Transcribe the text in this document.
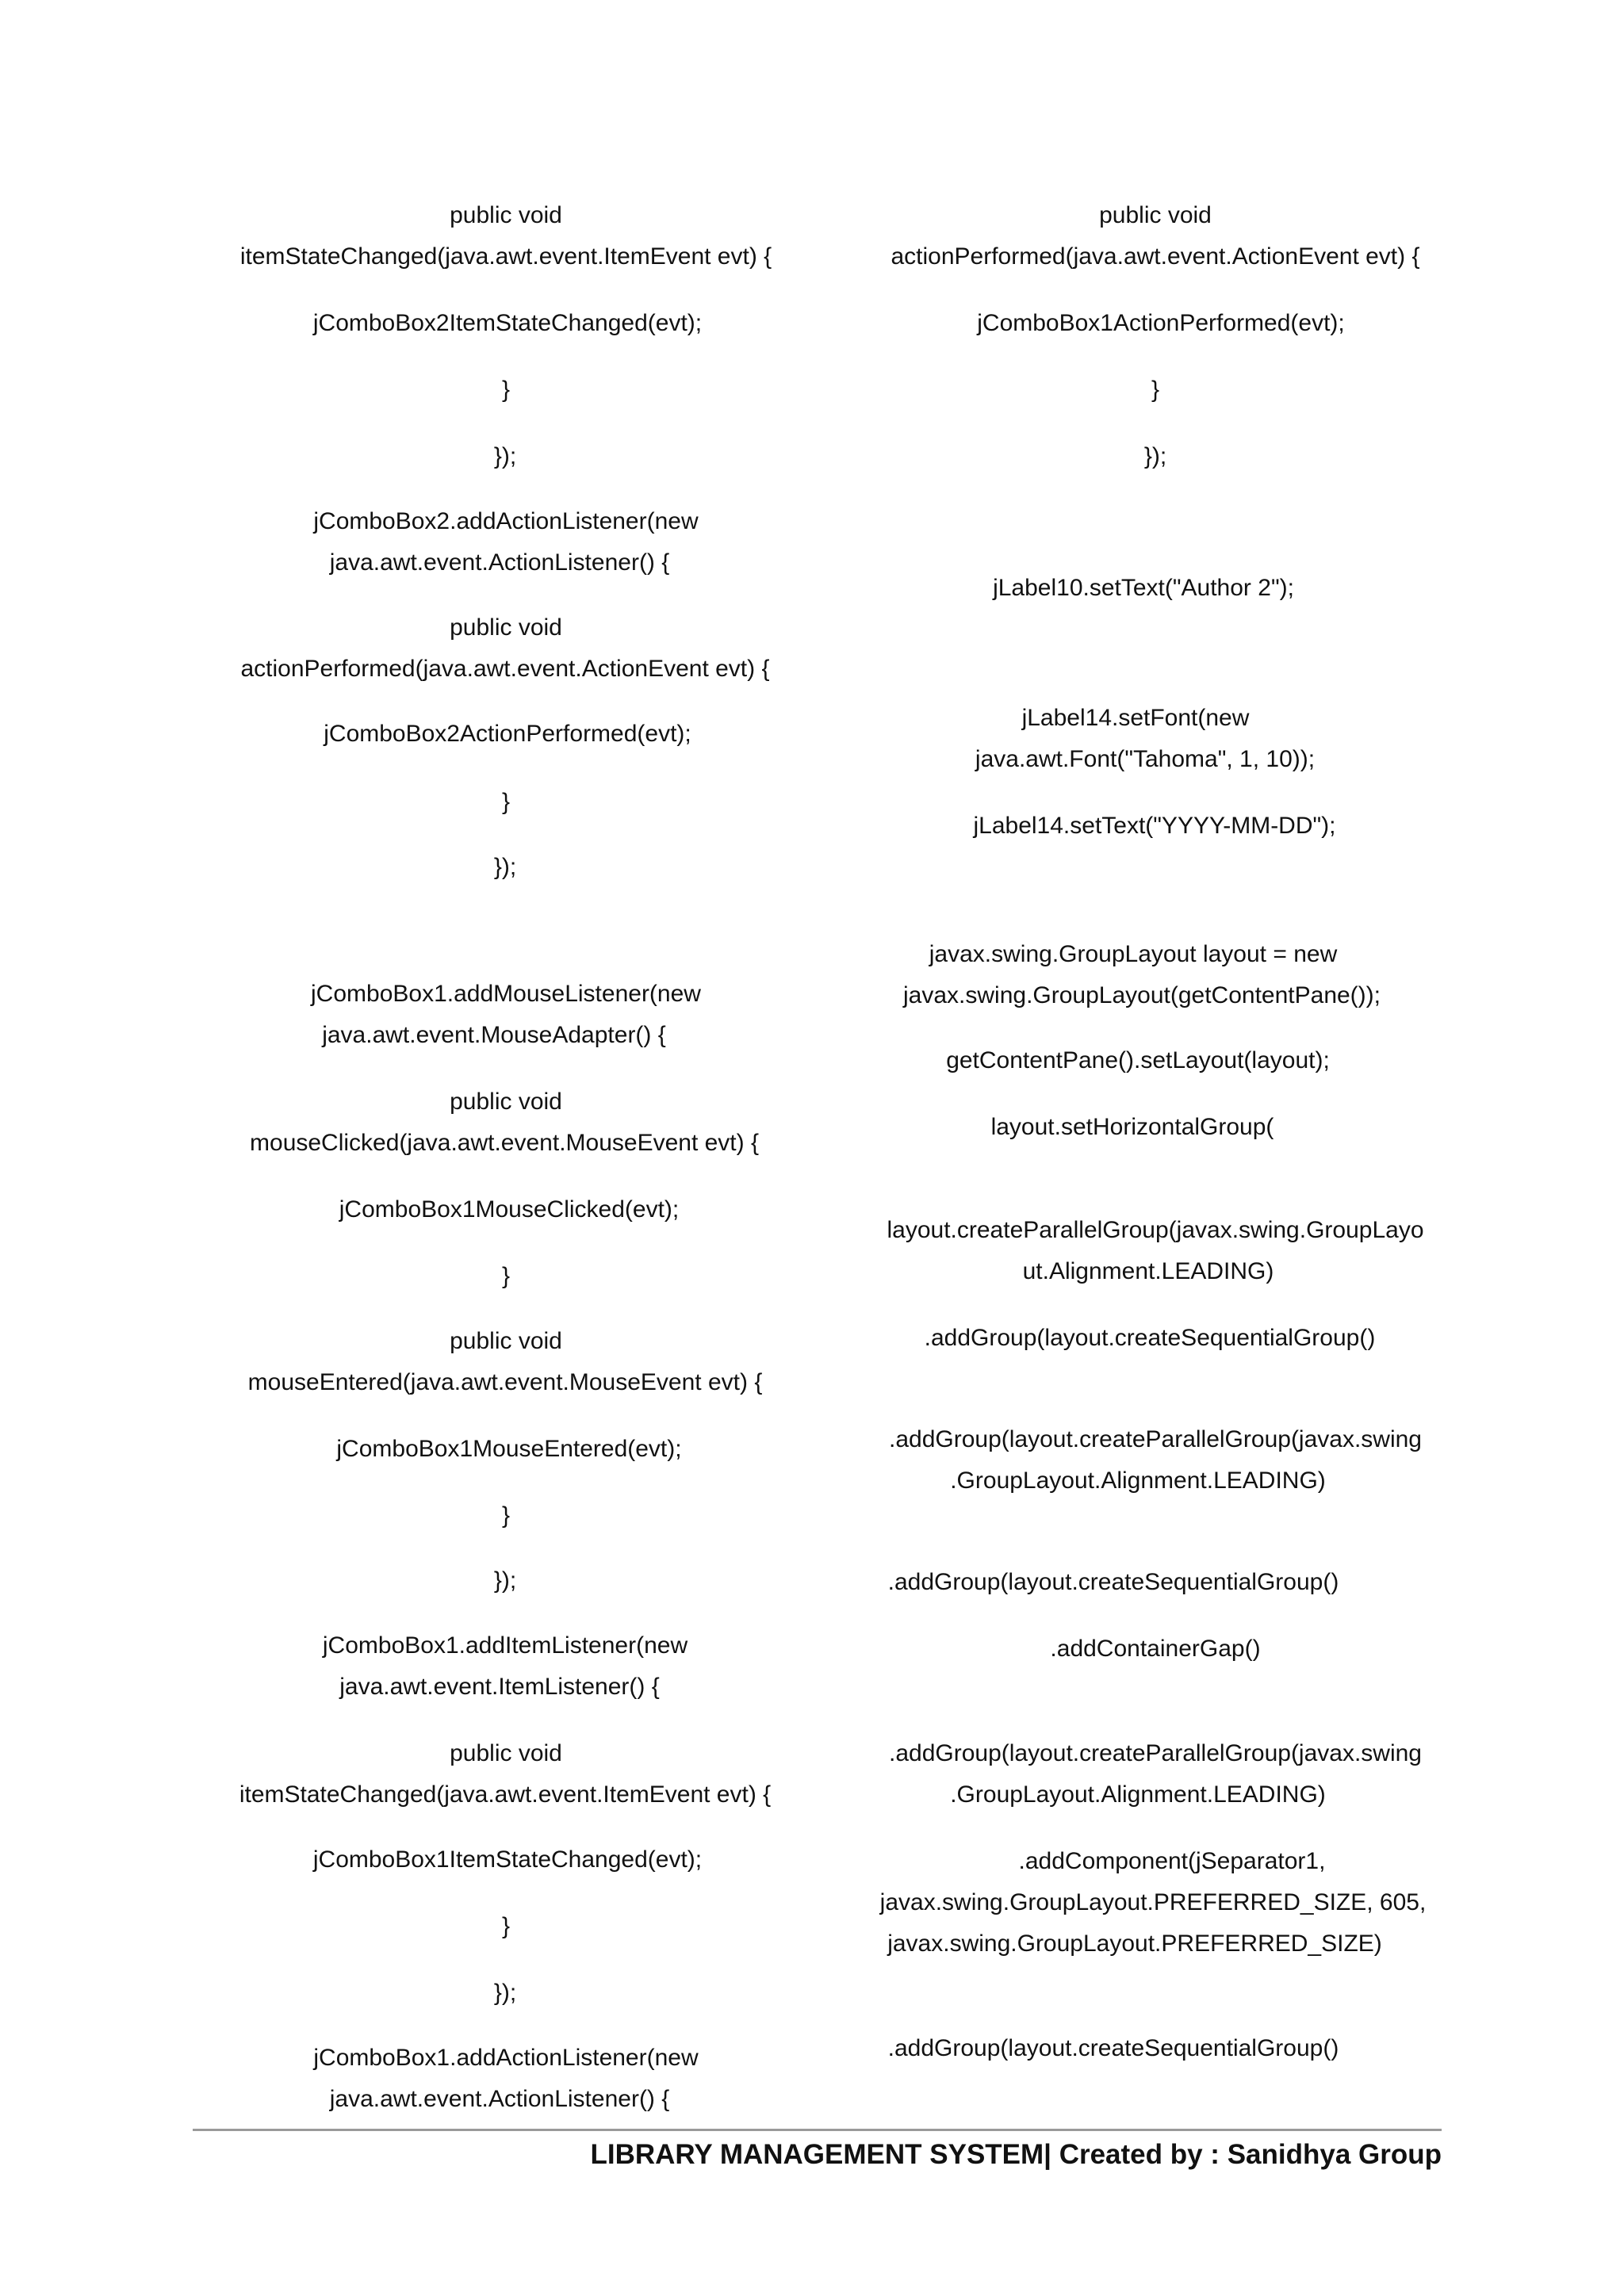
public void
itemStateChanged(java.awt.event.ItemEvent evt) {
jComboBox2ItemStateChanged(evt);
}
});
jComboBox2.addActionListener(new
java.awt.event.ActionListener() {
public void
actionPerformed(java.awt.event.ActionEvent evt) {
jComboBox2ActionPerformed(evt);
}
});
jComboBox1.addMouseListener(new
java.awt.event.MouseAdapter() {
public void
mouseClicked(java.awt.event.MouseEvent evt) {
jComboBox1MouseClicked(evt);
}
public void
mouseEntered(java.awt.event.MouseEvent evt) {
jComboBox1MouseEntered(evt);
}
});
jComboBox1.addItemListener(new
java.awt.event.ItemListener() {
public void
itemStateChanged(java.awt.event.ItemEvent evt) {
jComboBox1ItemStateChanged(evt);
}
});
jComboBox1.addActionListener(new
java.awt.event.ActionListener() {
public void
actionPerformed(java.awt.event.ActionEvent evt) {
jComboBox1ActionPerformed(evt);
}
});
jLabel10.setText("Author 2");
jLabel14.setFont(new
java.awt.Font("Tahoma", 1, 10));
jLabel14.setText("YYYY-MM-DD");
javax.swing.GroupLayout layout = new
javax.swing.GroupLayout(getContentPane());
getContentPane().setLayout(layout);
layout.setHorizontalGroup(
layout.createParallelGroup(javax.swing.GroupLayo
ut.Alignment.LEADING)
.addGroup(layout.createSequentialGroup()
.addGroup(layout.createParallelGroup(javax.swing
.GroupLayout.Alignment.LEADING)
.addGroup(layout.createSequentialGroup()
.addContainerGap()
.addGroup(layout.createParallelGroup(javax.swing
.GroupLayout.Alignment.LEADING)
.addComponent(jSeparator1,
javax.swing.GroupLayout.PREFERRED_SIZE, 605,
javax.swing.GroupLayout.PREFERRED_SIZE)
.addGroup(layout.createSequentialGroup()
LIBRARY MANAGEMENT SYSTEM| Created by : Sanidhya Group
